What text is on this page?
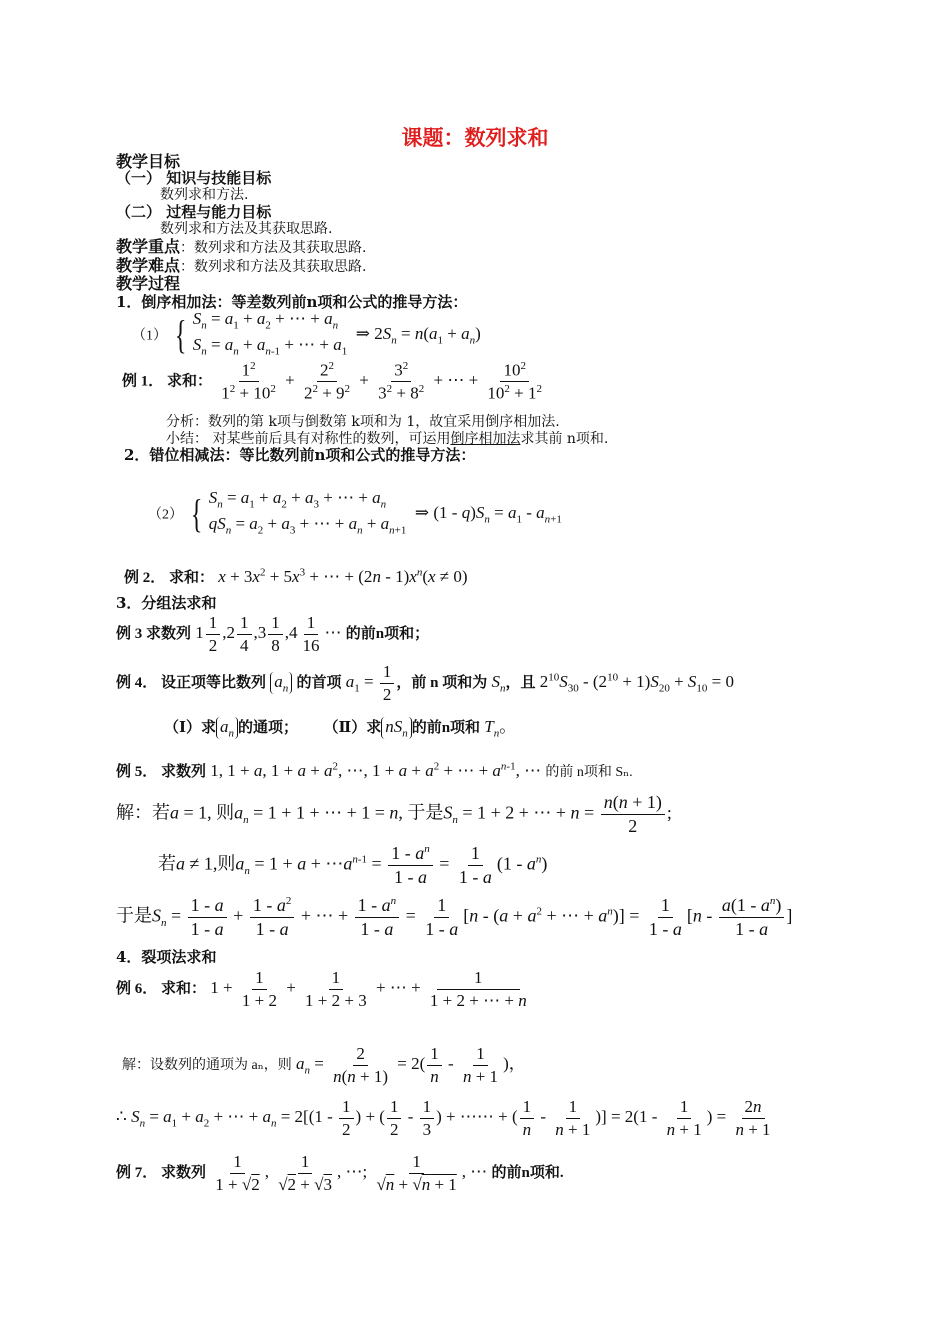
课题：数列求和
教学目标
（一） 知识与技能目标
数列求和方法.
（二） 过程与能力目标
数列求和方法及其获取思路.
教学重点：数列求和方法及其获取思路.
教学难点：数列求和方法及其获取思路.
教学过程
1．倒序相加法：等差数列前n项和公式的推导方法：
（1） { $S_n = a_1 + a_2$ + ⋯ + $a_n$
$S_n = a_n + a_{n-1}$ + ⋯ + $a_1$
⇒ $2S_n = n(a_1 + a_n)$
例 1． 求和： $\frac{1^2}{1^2 + 10^2} + \frac{2^2}{2^2 + 9^2} + \frac{3^2}{3^2 + 8^2}$ + ⋯ + $\frac{10^2}{10^2 + 1^2}$
分析：数列的第 k项与倒数第 k项和为 1，故宜采用倒序相加法.
小结： 对某些前后具有对称性的数列，可运用倒序相加法求其前 n项和.
2．错位相减法：等比数列前n项和公式的推导方法：
（2） { $S_n = a_1 + a_2 + a_3$ + ⋯ + $a_n$
$qS_n = a_2 + a_3$ + ⋯ + $a_n + a_{n+1}$
⇒ $(1 - q)S_n = a_1 - a_{n+1}$
例 2． 求和： $x + 3x^2 + 5x^3$ + ⋯ + $(2n - 1)x^n(x \ne 0)$
3．分组法求和
例 3 求数列 $1 \frac{1}{2} ,2 \frac{1}{4} ,3 \frac{1}{8} ,4 \frac{1}{16}$ ⋯ 的前n项和；
例 4． 设正项等比数列 $a_n$ 的首项 $a_1 = \frac{1}{2}$ ，前 n 项和为 $S_n$，且 $2^{10}S_{30} - (2^{10} + 1)S_{20} + S_{10} = 0$
（Ⅰ）求 $a_n$ 的通项； （Ⅱ）求 $nS_n$ 的前n项和 $T_n$。
例 5． 求数列 1, 1 + a, $1 + a + a^2$, ⋯, $1 + a + a^2$ + ⋯ + $a^{n-1}$, ⋯ 的前 n项和 Sₙ.
解：若a = 1, 则$a_n = 1 + 1$ + ⋯ + 1 = n, 于是$S_n = 1 + 2$ + ⋯ + $n = \frac{n(n + 1)}{2}$ ;
若a ≠ 1,则$a_n = 1 + a$ + $\cdots a^{n-1} = \frac{1 - a^n}{1 - a} = \frac{1}{1 - a} (1 - a^n)$
于是$S_n = \frac{1 - a}{1 - a} + \frac{1 - a^2}{1 - a}$ + ⋯ + $\frac{1 - a^n}{1 - a} = \frac{1}{1 - a} [n - (a + a^2$ + ⋯ + $a^n)] = \frac{1}{1 - a} [n - \frac{a(1 - a^n)}{1 - a}$ ]
4．裂项法求和
例 6． 求和： $1 + \frac{1}{1 + 2} + \frac{1}{1 + 2 + 3}$ + ⋯ + $\frac{1}{1 + 2 + \cdots + n}$
解：设数列的通项为 aₙ，则 $a_n = \frac{2}{n(n + 1)} = 2( \frac{1}{n} - \frac{1}{n + 1}$ )，
∴ $S_n = a_1 + a_2$ + ⋯ + $a_n = 2[(1 - \frac{1}{2}$ ) + ( $\frac{1}{2} - \frac{1}{3}$ ) + ⋯⋯ + ( $\frac{1}{n} - \frac{1}{n + 1}$ )] = $2(1 - \frac{1}{n + 1}$ ) = $\frac{2n}{n + 1}$
例 7． 求数列 $\frac{1}{1 + √2}$ , $\frac{1}{√2 + √3}$ , ⋯; $\frac{1}{√n + √n + 1}$ , ⋯ 的前n项和.
